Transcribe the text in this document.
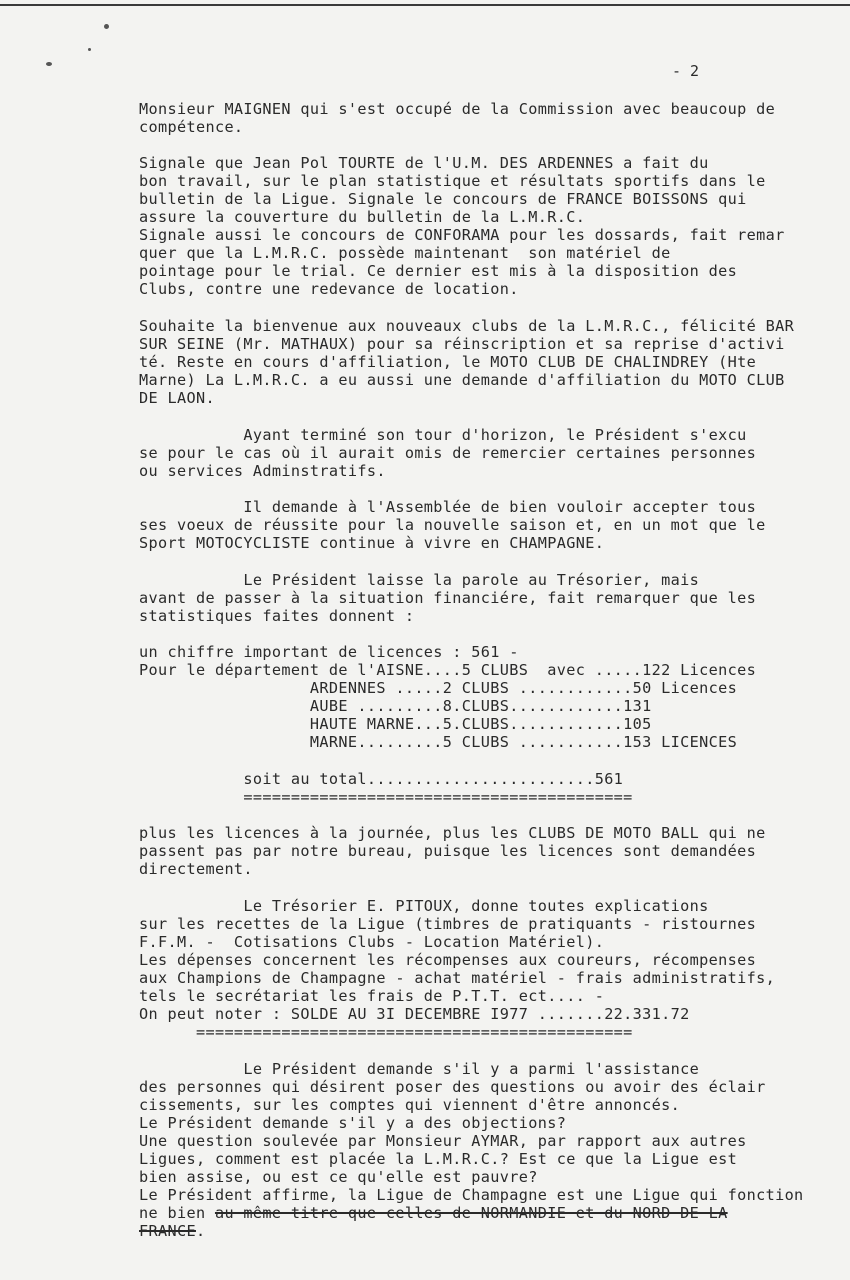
- 2
Monsieur MAIGNEN qui s'est occupé de la Commission avec beaucoup de
compétence.
Signale que Jean Pol TOURTE de l'U.M. DES ARDENNES a fait du
bon travail, sur le plan statistique et résultats sportifs dans le
bulletin de la Ligue. Signale le concours de FRANCE BOISSONS qui
assure la couverture du bulletin de la L.M.R.C.
Signale aussi le concours de CONFORAMA pour les dossards, fait remar
quer que la L.M.R.C. possède maintenant  son matériel de
pointage pour le trial. Ce dernier est mis à la disposition des
Clubs, contre une redevance de location.
Souhaite la bienvenue aux nouveaux clubs de la L.M.R.C., félicité BAR
SUR SEINE (Mr. MATHAUX) pour sa réinscription et sa reprise d'activi
té. Reste en cours d'affiliation, le MOTO CLUB DE CHALINDREY (Hte
Marne) La L.M.R.C. a eu aussi une demande d'affiliation du MOTO CLUB
DE LAON.
Ayant terminé son tour d'horizon, le Président s'excu
se pour le cas où il aurait omis de remercier certaines personnes
ou services Adminstratifs.
Il demande à l'Assemblée de bien vouloir accepter tous
ses voeux de réussite pour la nouvelle saison et, en un mot que le
Sport MOTOCYCLISTE continue à vivre en CHAMPAGNE.
Le Président laisse la parole au Trésorier, mais
avant de passer à la situation financiére, fait remarquer que les
statistiques faites donnent :
un chiffre important de licences : 561 -
Pour le département de l'AISNE....5 CLUBS  avec .....122 Licences
ARDENNES .....2 CLUBS ............50 Licences
AUBE .........8.CLUBS............131
HAUTE MARNE...5.CLUBS............105
MARNE.........5 CLUBS ...........153 LICENCES
soit au total........................561
=========================================
plus les licences à la journée, plus les CLUBS DE MOTO BALL qui ne
passent pas par notre bureau, puisque les licences sont demandées
directement.
Le Trésorier E. PITOUX, donne toutes explications
sur les recettes de la Ligue (timbres de pratiquants - ristournes
F.F.M. -  Cotisations Clubs - Location Matériel).
Les dépenses concernent les récompenses aux coureurs, récompenses
aux Champions de Champagne - achat matériel - frais administratifs,
tels le secrétariat les frais de P.T.T. ect.... -
On peut noter : SOLDE AU 3I DECEMBRE I977 .......22.331.72
==============================================
Le Président demande s'il y a parmi l'assistance
des personnes qui désirent poser des questions ou avoir des éclair
cissements, sur les comptes qui viennent d'être annoncés.
Le Président demande s'il y a des objections?
Une question soulevée par Monsieur AYMAR, par rapport aux autres
Ligues, comment est placée la L.M.R.C.? Est ce que la Ligue est
bien assise, ou est ce qu'elle est pauvre?
Le Président affirme, la Ligue de Champagne est une Ligue qui fonction
ne bien au même titre que celles de NORMANDIE et du NORD DE LA
FRANCE.
